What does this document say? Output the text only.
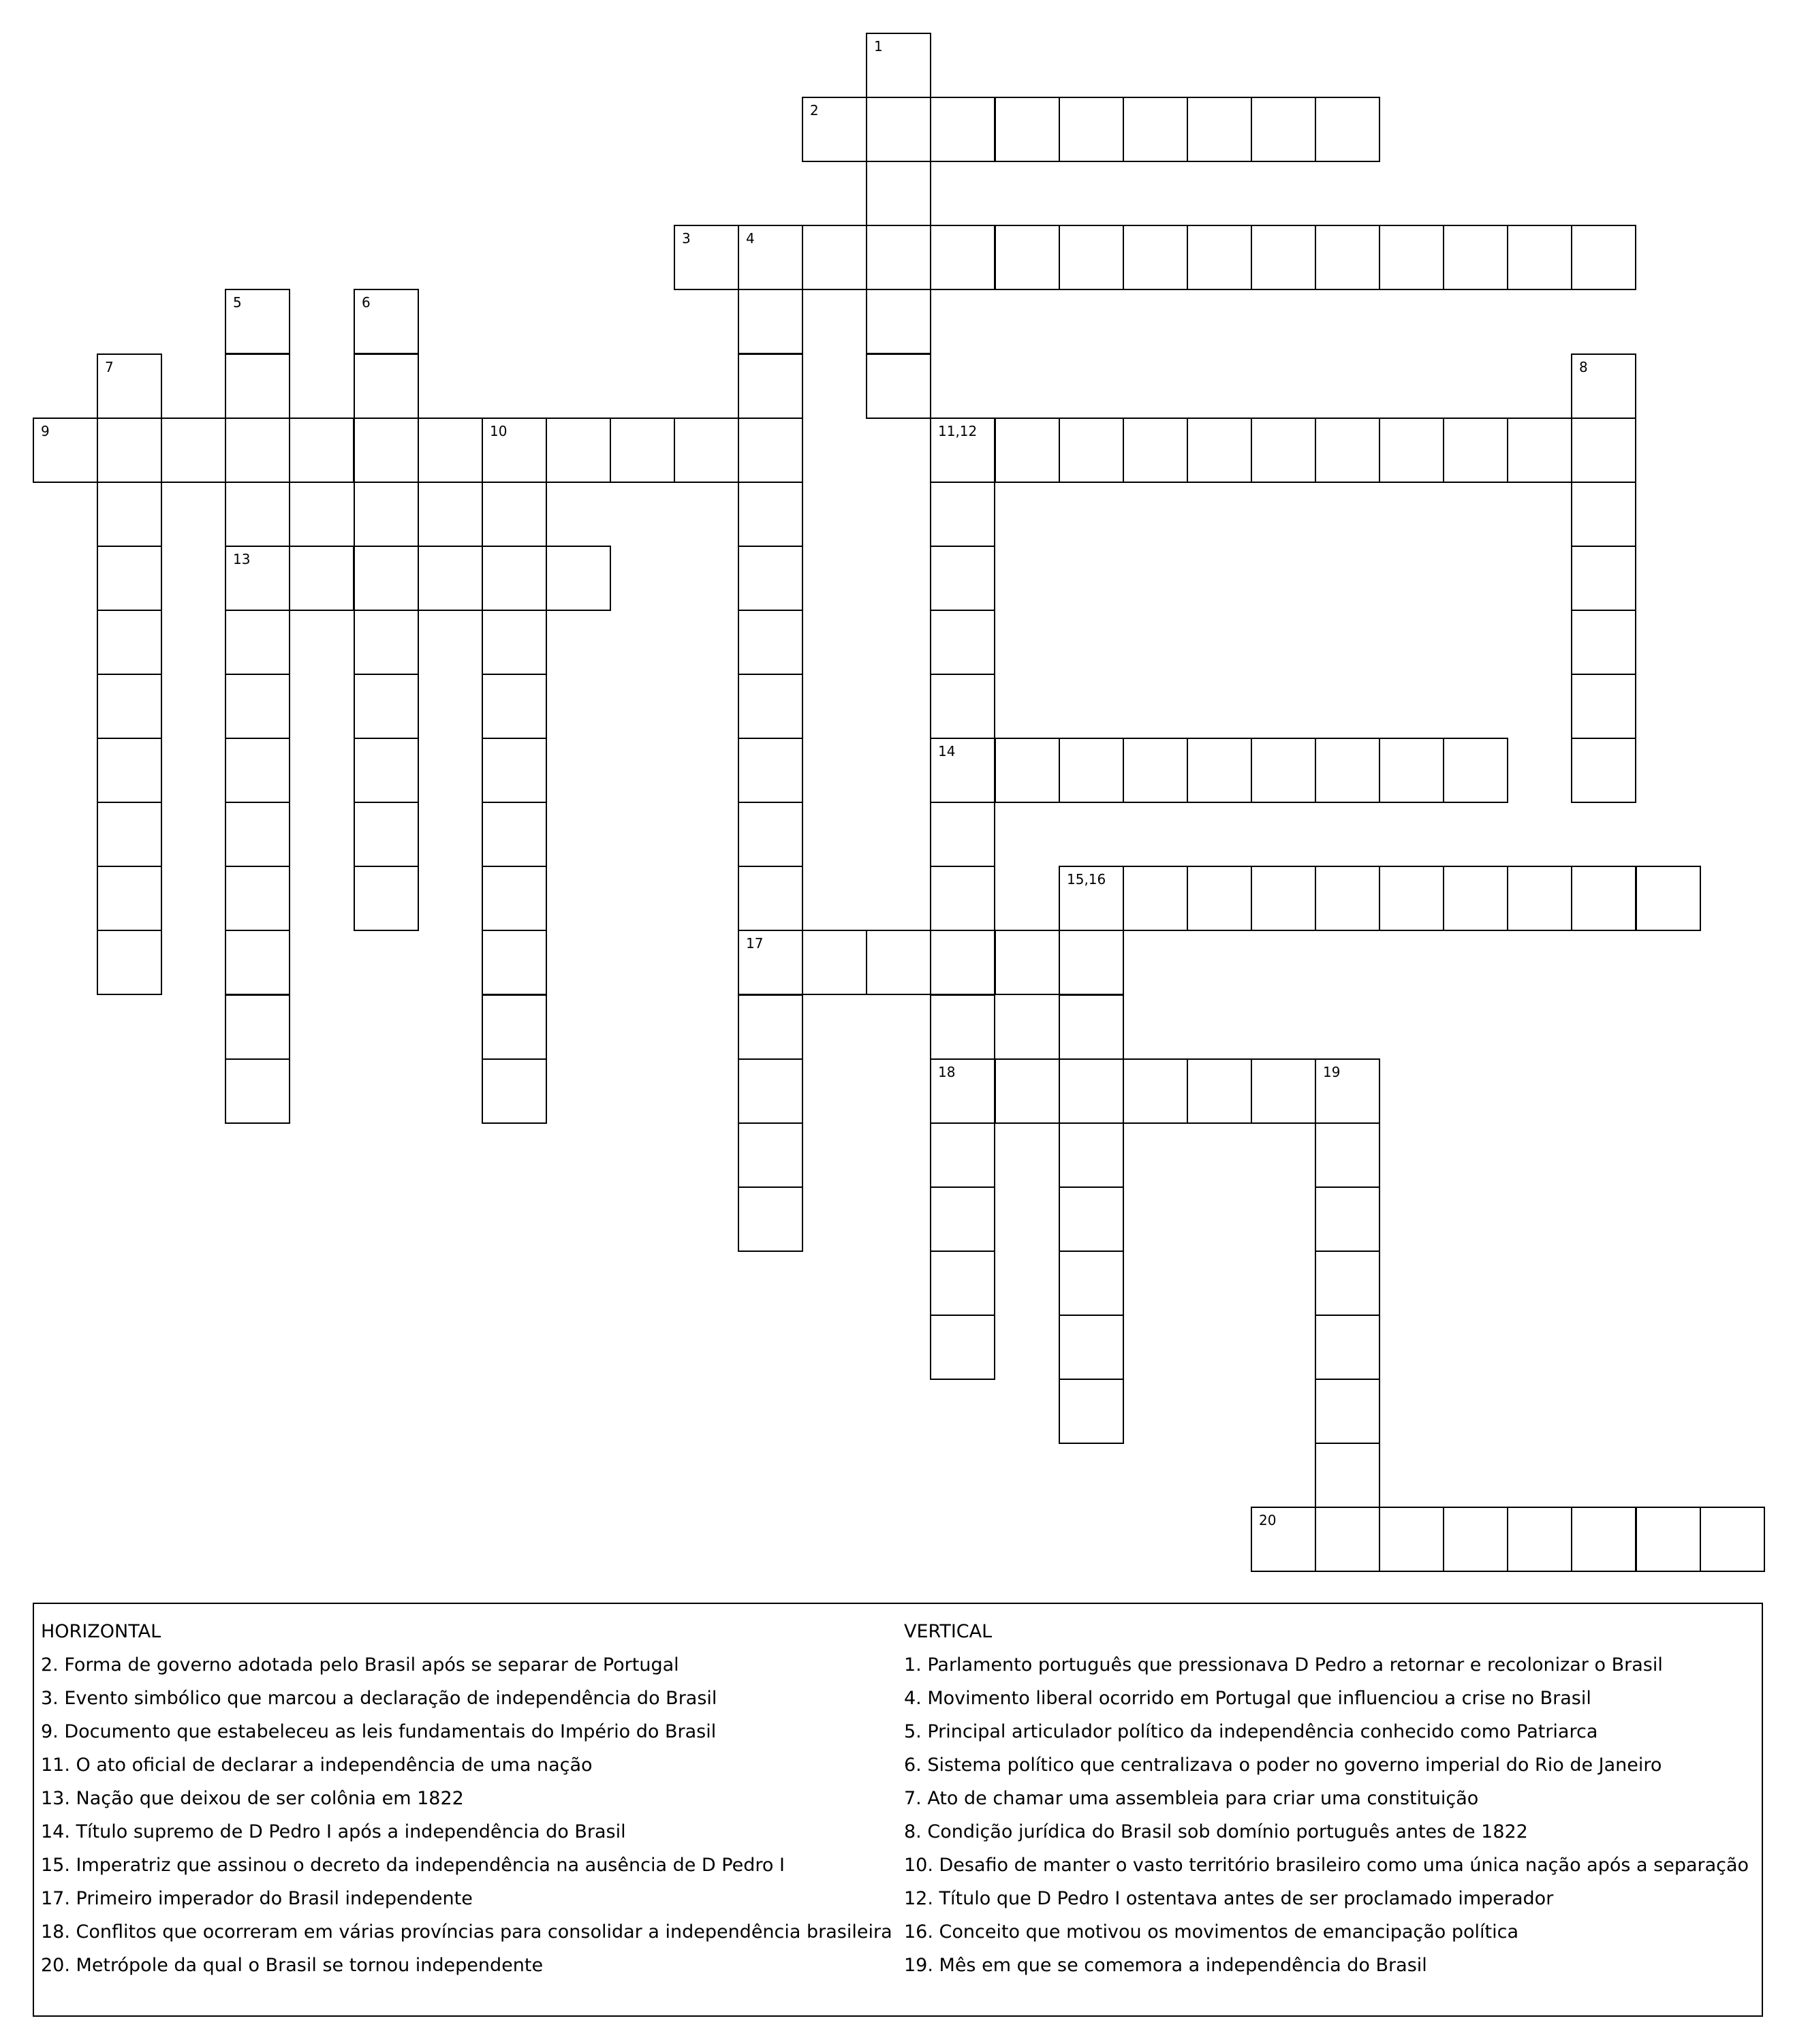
1
2
3	4
17
5
13
6
7	8
9	10	11,12
14
18
15,16
19
20
HORIZONTAL
2. Forma de governo adotada pelo Brasil após se separar de Portugal
3. Evento simbólico que marcou a declaração de independência do Brasil
9. Documento que estabeleceu as leis fundamentais do Império do Brasil
11. O ato oficial de declarar a independência de uma nação
13. Nação que deixou de ser colônia em 1822
14. Título supremo de D Pedro I após a independência do Brasil
15. Imperatriz que assinou o decreto da independência na ausência de D Pedro I
17. Primeiro imperador do Brasil independente
18. Conflitos que ocorreram em várias províncias para consolidar a independência brasileira
20. Metrópole da qual o Brasil se tornou independente
VERTICAL
1. Parlamento português que pressionava D Pedro a retornar e recolonizar o Brasil
4. Movimento liberal ocorrido em Portugal que influenciou a crise no Brasil
5. Principal articulador político da independência conhecido como Patriarca
6. Sistema político que centralizava o poder no governo imperial do Rio de Janeiro
7. Ato de chamar uma assembleia para criar uma constituição
8. Condição jurídica do Brasil sob domínio português antes de 1822
10. Desafio de manter o vasto território brasileiro como uma única nação após a separação
12. Título que D Pedro I ostentava antes de ser proclamado imperador
16. Conceito que motivou os movimentos de emancipação política
19. Mês em que se comemora a independência do Brasil
